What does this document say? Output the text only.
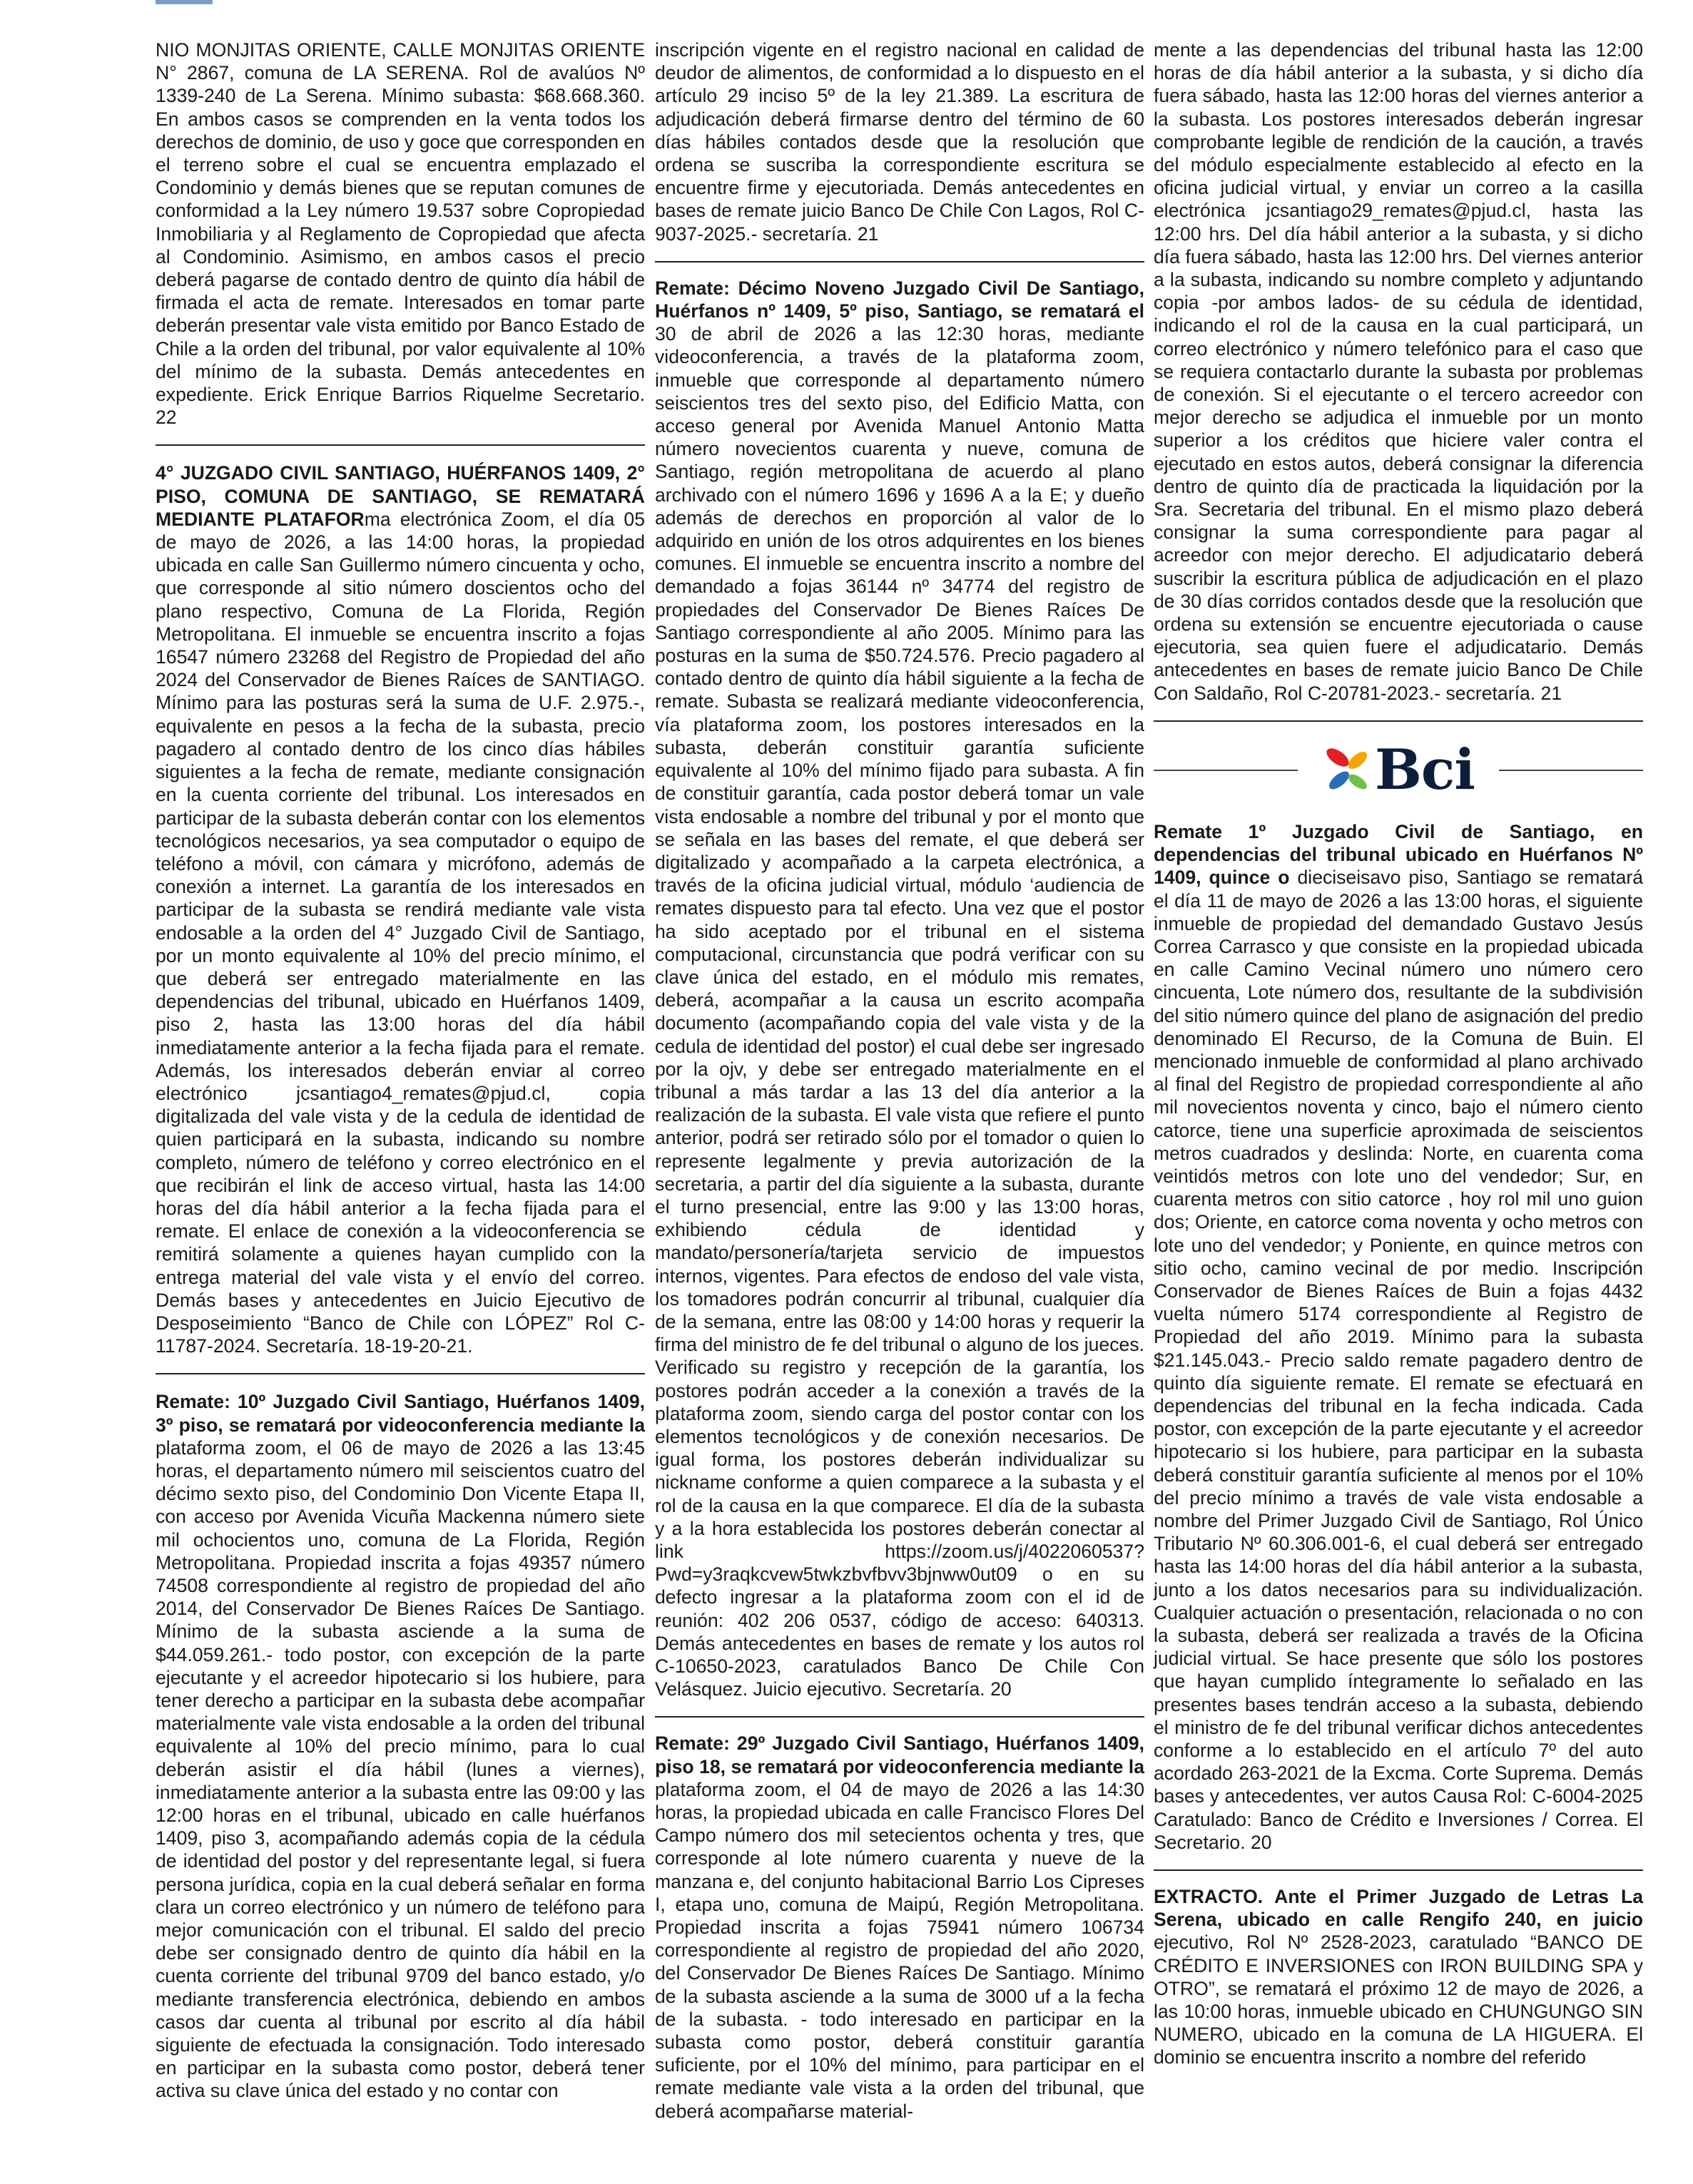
NIO MONJITAS ORIENTE, CALLE MONJITAS ORIENTE N° 2867, comuna de LA SERENA. Rol de avalúos Nº 1339-240 de La Serena. Mínimo subasta: $68.668.360. En ambos casos se comprenden en la venta todos los derechos de dominio, de uso y goce que corresponden en el terreno sobre el cual se encuentra emplazado el Condominio y demás bienes que se reputan comunes de conformidad a la Ley número 19.537 sobre Copropiedad Inmobiliaria y al Reglamento de Copropiedad que afecta al Condominio. Asimismo, en ambos casos el precio deberá pagarse de contado dentro de quinto día hábil de firmada el acta de remate. Interesados en tomar parte deberán presentar vale vista emitido por Banco Estado de Chile a la orden del tribunal, por valor equivalente al 10% del mínimo de la subasta. Demás antecedentes en expediente. Erick Enrique Barrios Riquelme Secretario. 22

4° JUZGADO CIVIL SANTIAGO, HUÉRFANOS 1409, 2° PISO, COMUNA DE SANTIAGO, SE REMATARÁ MEDIANTE PLATAFORma electrónica Zoom, el día 05 de mayo de 2026, a las 14:00 horas, la propiedad ubicada en calle San Guillermo número cincuenta y ocho, que corresponde al sitio número doscientos ocho del plano respectivo, Comuna de La Florida, Región Metropolitana. El inmueble se encuentra inscrito a fojas 16547 número 23268 del Registro de Propiedad del año 2024 del Conservador de Bienes Raíces de SANTIAGO. Mínimo para las posturas será la suma de U.F. 2.975.-, equivalente en pesos a la fecha de la subasta, precio pagadero al contado dentro de los cinco días hábiles siguientes a la fecha de remate, mediante consignación en la cuenta corriente del tribunal. Los interesados en participar de la subasta deberán contar con los elementos tecnológicos necesarios, ya sea computador o equipo de teléfono a móvil, con cámara y micrófono, además de conexión a internet. La garantía de los interesados en participar de la subasta se rendirá mediante vale vista endosable a la orden del 4° Juzgado Civil de Santiago, por un monto equivalente al 10% del precio mínimo, el que deberá ser entregado materialmente en las dependencias del tribunal, ubicado en Huérfanos 1409, piso 2, hasta las 13:00 horas del día hábil inmediatamente anterior a la fecha fijada para el remate. Además, los interesados deberán enviar al correo electrónico jcsantiago4_remates@pjud.cl, copia digitalizada del vale vista y de la cedula de identidad de quien participará en la subasta, indicando su nombre completo, número de teléfono y correo electrónico en el que recibirán el link de acceso virtual, hasta las 14:00 horas del día hábil anterior a la fecha fijada para el remate. El enlace de conexión a la videoconferencia se remitirá solamente a quienes hayan cumplido con la entrega material del vale vista y el envío del correo. Demás bases y antecedentes en Juicio Ejecutivo de Desposeimiento “Banco de Chile con LÓPEZ” Rol C-11787-2024. Secretaría. 18-19-20-21.

Remate: 10º Juzgado Civil Santiago, Huérfanos 1409, 3º piso, se rematará por videoconferencia mediante la plataforma zoom, el 06 de mayo de 2026 a las 13:45 horas, el departamento número mil seiscientos cuatro del décimo sexto piso, del Condominio Don Vicente Etapa II, con acceso por Avenida Vicuña Mackenna número siete mil ochocientos uno, comuna de La Florida, Región Metropolitana. Propiedad inscrita a fojas 49357 número 74508 correspondiente al registro de propiedad del año 2014, del Conservador De Bienes Raíces De Santiago. Mínimo de la subasta asciende a la suma de $44.059.261.- todo postor, con excepción de la parte ejecutante y el acreedor hipotecario si los hubiere, para tener derecho a participar en la subasta debe acompañar materialmente vale vista endosable a la orden del tribunal equivalente al 10% del precio mínimo, para lo cual deberán asistir el día hábil (lunes a viernes), inmediatamente anterior a la subasta entre las 09:00 y las 12:00 horas en el tribunal, ubicado en calle huérfanos 1409, piso 3, acompañando además copia de la cédula de identidad del postor y del representante legal, si fuera persona jurídica, copia en la cual deberá señalar en forma clara un correo electrónico y un número de teléfono para mejor comunicación con el tribunal. El saldo del precio debe ser consignado dentro de quinto día hábil en la cuenta corriente del tribunal 9709 del banco estado, y/o mediante transferencia electrónica, debiendo en ambos casos dar cuenta al tribunal por escrito al día hábil siguiente de efectuada la consignación. Todo interesado en participar en la subasta como postor, deberá tener activa su clave única del estado y no contar con

inscripción vigente en el registro nacional en calidad de deudor de alimentos, de conformidad a lo dispuesto en el artículo 29 inciso 5º de la ley 21.389. La escritura de adjudicación deberá firmarse dentro del término de 60 días hábiles contados desde que la resolución que ordena se suscriba la correspondiente escritura se encuentre firme y ejecutoriada. Demás antecedentes en bases de remate juicio Banco De Chile Con Lagos, Rol C-9037-2025.- secretaría. 21

Remate: Décimo Noveno Juzgado Civil De Santiago, Huérfanos nº 1409, 5º piso, Santiago, se rematará el 30 de abril de 2026 a las 12:30 horas, mediante videoconferencia, a través de la plataforma zoom, inmueble que corresponde al departamento número seiscientos tres del sexto piso, del Edificio Matta, con acceso general por Avenida Manuel Antonio Matta número novecientos cuarenta y nueve, comuna de Santiago, región metropolitana de acuerdo al plano archivado con el número 1696 y 1696 A a la E; y dueño además de derechos en proporción al valor de lo adquirido en unión de los otros adquirentes en los bienes comunes. El inmueble se encuentra inscrito a nombre del demandado a fojas 36144 nº 34774 del registro de propiedades del Conservador De Bienes Raíces De Santiago correspondiente al año 2005. Mínimo para las posturas en la suma de $50.724.576. Precio pagadero al contado dentro de quinto día hábil siguiente a la fecha de remate. Subasta se realizará mediante videoconferencia, vía plataforma zoom, los postores interesados en la subasta, deberán constituir garantía suficiente equivalente al 10% del mínimo fijado para subasta. A fin de constituir garantía, cada postor deberá tomar un vale vista endosable a nombre del tribunal y por el monto que se señala en las bases del remate, el que deberá ser digitalizado y acompañado a la carpeta electrónica, a través de la oficina judicial virtual, módulo ‘audiencia de remates dispuesto para tal efecto. Una vez que el postor ha sido aceptado por el tribunal en el sistema computacional, circunstancia que podrá verificar con su clave única del estado, en el módulo mis remates, deberá, acompañar a la causa un escrito acompaña documento (acompañando copia del vale vista y de la cedula de identidad del postor) el cual debe ser ingresado por la ojv, y debe ser entregado materialmente en el tribunal a más tardar a las 13 del día anterior a la realización de la subasta. El vale vista que refiere el punto anterior, podrá ser retirado sólo por el tomador o quien lo represente legalmente y previa autorización de la secretaria, a partir del día siguiente a la subasta, durante el turno presencial, entre las 9:00 y las 13:00 horas, exhibiendo cédula de identidad y mandato/personería/tarjeta servicio de impuestos internos, vigentes. Para efectos de endoso del vale vista, los tomadores podrán concurrir al tribunal, cualquier día de la semana, entre las 08:00 y 14:00 horas y requerir la firma del ministro de fe del tribunal o alguno de los jueces. Verificado su registro y recepción de la garantía, los postores podrán acceder a la conexión a través de la plataforma zoom, siendo carga del postor contar con los elementos tecnológicos y de conexión necesarios. De igual forma, los postores deberán individualizar su nickname conforme a quien comparece a la subasta y el rol de la causa en la que comparece. El día de la subasta y a la hora establecida los postores deberán conectar al link https://zoom.us/j/4022060537?Pwd=y3raqkcvew5twkzbvfbvv3bjnww0ut09 o en su defecto ingresar a la plataforma zoom con el id de reunión: 402 206 0537, código de acceso: 640313. Demás antecedentes en bases de remate y los autos rol C-10650-2023, caratulados Banco De Chile Con Velásquez. Juicio ejecutivo. Secretaría. 20

Remate: 29º Juzgado Civil Santiago, Huérfanos 1409, piso 18, se rematará por videoconferencia mediante la plataforma zoom, el 04 de mayo de 2026 a las 14:30 horas, la propiedad ubicada en calle Francisco Flores Del Campo número dos mil setecientos ochenta y tres, que corresponde al lote número cuarenta y nueve de la manzana e, del conjunto habitacional Barrio Los Cipreses I, etapa uno, comuna de Maipú, Región Metropolitana. Propiedad inscrita a fojas 75941 número 106734 correspondiente al registro de propiedad del año 2020, del Conservador De Bienes Raíces De Santiago. Mínimo de la subasta asciende a la suma de 3000 uf a la fecha de la subasta. - todo interesado en participar en la subasta como postor, deberá constituir garantía suficiente, por el 10% del mínimo, para participar en el remate mediante vale vista a la orden del tribunal, que deberá acompañarse material-

mente a las dependencias del tribunal hasta las 12:00 horas de día hábil anterior a la subasta, y si dicho día fuera sábado, hasta las 12:00 horas del viernes anterior a la subasta. Los postores interesados deberán ingresar comprobante legible de rendición de la caución, a través del módulo especialmente establecido al efecto en la oficina judicial virtual, y enviar un correo a la casilla electrónica jcsantiago29_remates@pjud.cl, hasta las 12:00 hrs. Del día hábil anterior a la subasta, y si dicho día fuera sábado, hasta las 12:00 hrs. Del viernes anterior a la subasta, indicando su nombre completo y adjuntando copia -por ambos lados- de su cédula de identidad, indicando el rol de la causa en la cual participará, un correo electrónico y número telefónico para el caso que se requiera contactarlo durante la subasta por problemas de conexión. Si el ejecutante o el tercero acreedor con mejor derecho se adjudica el inmueble por un monto superior a los créditos que hiciere valer contra el ejecutado en estos autos, deberá consignar la diferencia dentro de quinto día de practicada la liquidación por la Sra. Secretaria del tribunal. En el mismo plazo deberá consignar la suma correspondiente para pagar al acreedor con mejor derecho. El adjudicatario deberá suscribir la escritura pública de adjudicación en el plazo de 30 días corridos contados desde que la resolución que ordena su extensión se encuentre ejecutoriada o cause ejecutoria, sea quien fuere el adjudicatario. Demás antecedentes en bases de remate juicio Banco De Chile Con Saldaño, Rol C-20781-2023.- secretaría. 21

Bci

Remate 1º Juzgado Civil de Santiago, en dependencias del tribunal ubicado en Huérfanos Nº 1409, quince o dieciseisavo piso, Santiago se rematará el día 11 de mayo de 2026 a las 13:00 horas, el siguiente inmueble de propiedad del demandado Gustavo Jesús Correa Carrasco y que consiste en la propiedad ubicada en calle Camino Vecinal número uno número cero cincuenta, Lote número dos, resultante de la subdivisión del sitio número quince del plano de asignación del predio denominado El Recurso, de la Comuna de Buin. El mencionado inmueble de conformidad al plano archivado al final del Registro de propiedad correspondiente al año mil novecientos noventa y cinco, bajo el número ciento catorce, tiene una superficie aproximada de seiscientos metros cuadrados y deslinda: Norte, en cuarenta coma veintidós metros con lote uno del vendedor; Sur, en cuarenta metros con sitio catorce , hoy rol mil uno guion dos; Oriente, en catorce coma noventa y ocho metros con lote uno del vendedor; y Poniente, en quince metros con sitio ocho, camino vecinal de por medio. Inscripción Conservador de Bienes Raíces de Buin a fojas 4432 vuelta número 5174 correspondiente al Registro de Propiedad del año 2019. Mínimo para la subasta $21.145.043.- Precio saldo remate pagadero dentro de quinto día siguiente remate. El remate se efectuará en dependencias del tribunal en la fecha indicada. Cada postor, con excepción de la parte ejecutante y el acreedor hipotecario si los hubiere, para participar en la subasta deberá constituir garantía suficiente al menos por el 10% del precio mínimo a través de vale vista endosable a nombre del Primer Juzgado Civil de Santiago, Rol Único Tributario Nº 60.306.001-6, el cual deberá ser entregado hasta las 14:00 horas del día hábil anterior a la subasta, junto a los datos necesarios para su individualización. Cualquier actuación o presentación, relacionada o no con la subasta, deberá ser realizada a través de la Oficina judicial virtual. Se hace presente que sólo los postores que hayan cumplido íntegramente lo señalado en las presentes bases tendrán acceso a la subasta, debiendo el ministro de fe del tribunal verificar dichos antecedentes conforme a lo establecido en el artículo 7º del auto acordado 263-2021 de la Excma. Corte Suprema. Demás bases y antecedentes, ver autos Causa Rol: C-6004-2025 Caratulado: Banco de Crédito e Inversiones / Correa. El Secretario. 20

EXTRACTO. Ante el Primer Juzgado de Letras La Serena, ubicado en calle Rengifo 240, en juicio ejecutivo, Rol Nº 2528-2023, caratulado “BANCO DE CRÉDITO E INVERSIONES con IRON BUILDING SPA y OTRO”, se rematará el próximo 12 de mayo de 2026, a las 10:00 horas, inmueble ubicado en CHUNGUNGO SIN NUMERO, ubicado en la comuna de LA HIGUERA. El dominio se encuentra inscrito a nombre del referido
